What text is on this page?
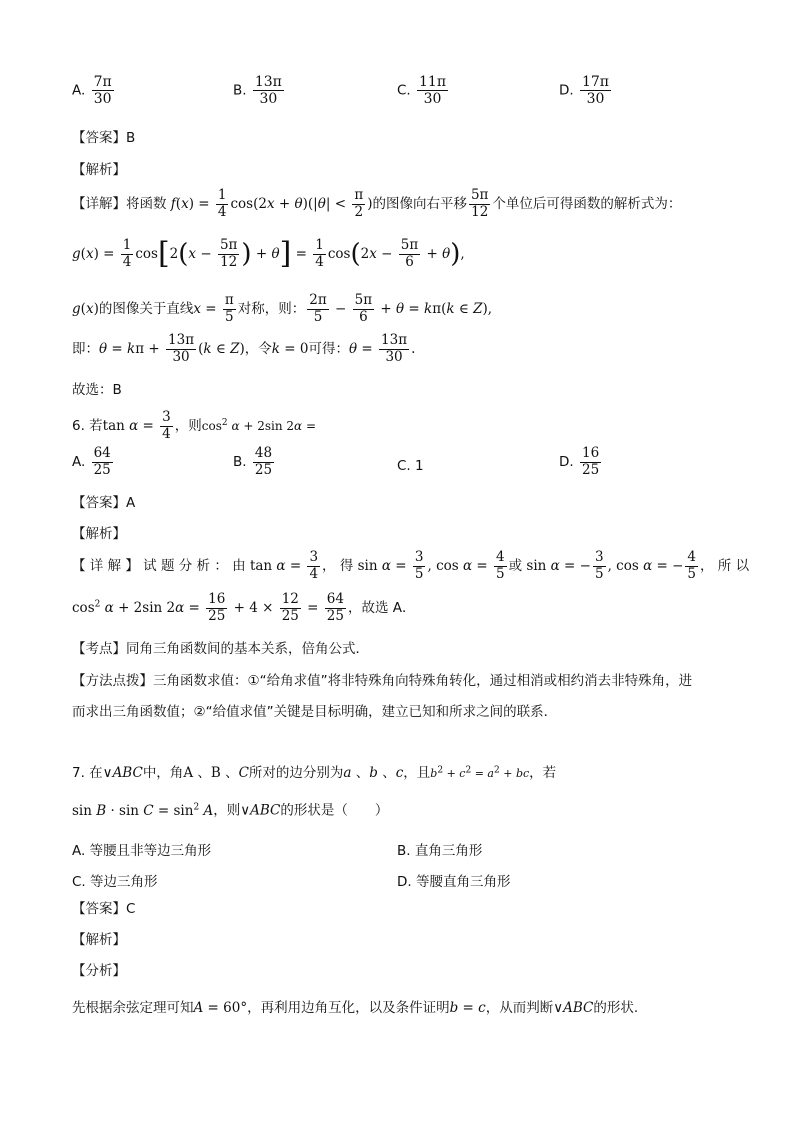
A. $\frac{7\pi}{30}$	B. $\frac{13\pi}{30}$	C. $\frac{11\pi}{30}$	D. $\frac{17\pi}{30}$
【答案】B
【解析】
【详解】将函数 $f(x) = \frac{1}{4} \cos(2x + \theta)(|\theta| < \frac{\pi}{2}$ )的图像向右平移 $\frac{5\pi}{12}$ 个单位后可得函数的解析式为：
$g(x) = \frac{1}{4} \cos[2(x - \frac{5\pi}{12}$ ) + $\theta] = \frac{1}{4} \cos(2x - \frac{5\pi}{6} + \theta)$,
g(x)的图像关于直线$x = \frac{\pi}{5}$ 对称，则： $\frac{2\pi}{5} - \frac{5\pi}{6} + \theta = k\pi(k$ ∈ Z),
即：$\theta = k\pi + \frac{13\pi}{30} (k$ ∈ Z)，令k = 0可得：$\theta = \frac{13\pi}{30}$ .
故选：B
6. 若$\tan \alpha = \frac{3}{4}$ ，则$\cos^2 \alpha + 2\sin$ 2α =
A. $\frac{64}{25}$	B. $\frac{48}{25}$	C. 1	D. $\frac{16}{25}$
【答案】A
【解析】
【 详 解 】 试 题 分 析 ： 由 $\tan \alpha = \frac{3}{4}$ ， 得 $\sin \alpha = \frac{3}{5}$ , $\cos \alpha = \frac{4}{5}$ 或 sin α = − $\frac{3}{5}$ , cos α = − $\frac{4}{5}$ ， 所 以
$\cos^2 \alpha + 2\sin$ $2\alpha = \frac{16}{25} + 4 \times \frac{12}{25} = \frac{64}{25}$ ，故选 A．
【考点】同角三角函数间的基本关系，倍角公式．
【方法点拨】三角函数求值：①“给角求值”将非特殊角向特殊角转化，通过相消或相约消去非特殊角，进
而求出三角函数值；②“给值求值”关键是目标明确，建立已知和所求之间的联系．
7. 在∨ABC中，角A 、B 、C所对的边分别为a 、b 、c，且$b^2 + c^2 = a^2$ + bc，若
$\sin B \cdot \sin C = \sin^2 A$，则∨ABC的形状是（　　）
A. 等腰且非等边三角形	B. 直角三角形
C. 等边三角形	D. 等腰直角三角形
【答案】C
【解析】
【分析】
先根据余弦定理可知A = 60°，再利用边角互化，以及条件证明b = c，从而判断∨ABC的形状.
